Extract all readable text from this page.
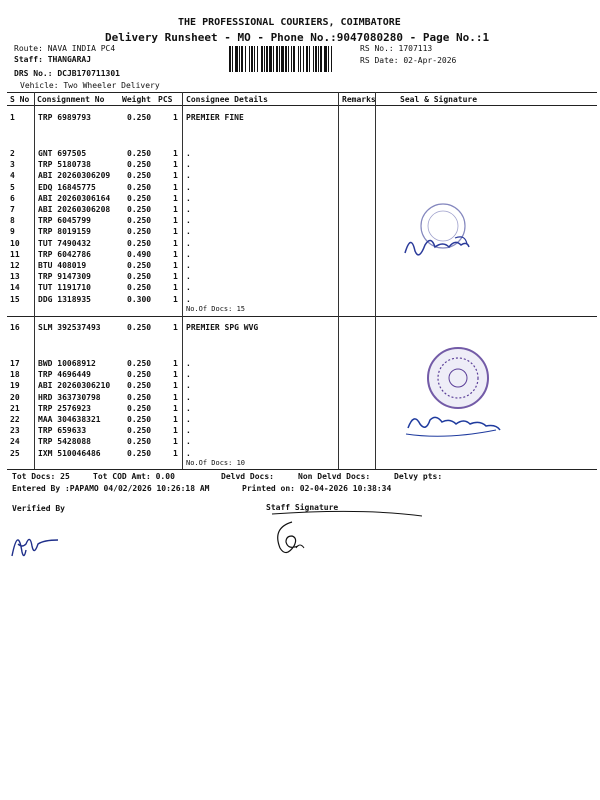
THE PROFESSIONAL COURIERS, COIMBATORE
Delivery Runsheet - MO - Phone No.:9047080280 - Page No.:1
Route: NAVA INDIA PC4
Staff: THANGARAJ
DRS No.: DCJB170711301
Vehicle: Two Wheeler Delivery
RS No.: 1707113
RS Date: 02-Apr-2026
S No Consignment No Weight PCS Consignee Details	Remarks	Seal & Signature
1	TRP 6989793	0.250	1 PREMIER FINE
2	GNT 697505	0.250	1 .
3	TRP 5180738	0.250	1 .
4	ABI 20260306209 0.250	1 .
5	EDQ 16845775	0.250	1 .
6	ABI 20260306164 0.250	1 .
7	ABI 20260306208 0.250	1 .
8	TRP 6045799	0.250	1 .
9	TRP 8019159	0.250	1 .
10 TUT 7490432	0.250	1 .
11 TRP 6042786	0.490	1 .
12 BTU 408019	0.250	1 .
13 TRP 9147309	0.250	1 .
14 TUT 1191710	0.250	1 .
15 DDG 1318935	0.300	1 .
No.Of Docs: 15
16 SLM 392537493	0.250	1 PREMIER SPG WVG
17 BWD 10068912	0.250	1 .
18 TRP 4696449	0.250	1 .
19 ABI 20260306210 0.250	1 .
20 HRD 363730798	0.250	1 .
21 TRP 2576923	0.250	1 .
22 MAA 304638321	0.250	1 .
23 TRP 659633	0.250	1 .
24 TRP 5428088	0.250	1 .
25 IXM 510046486	0.250	1 .
No.Of Docs: 10
Tot Docs: 25	Tot COD Amt: 0.00	Delvd Docs:	Non Delvd Docs:	Delvy pts:
Entered By :PAPAMO 04/02/2026 10:26:18 AM	Printed on: 02-04-2026 10:38:34
Verified By	Staff Signature
